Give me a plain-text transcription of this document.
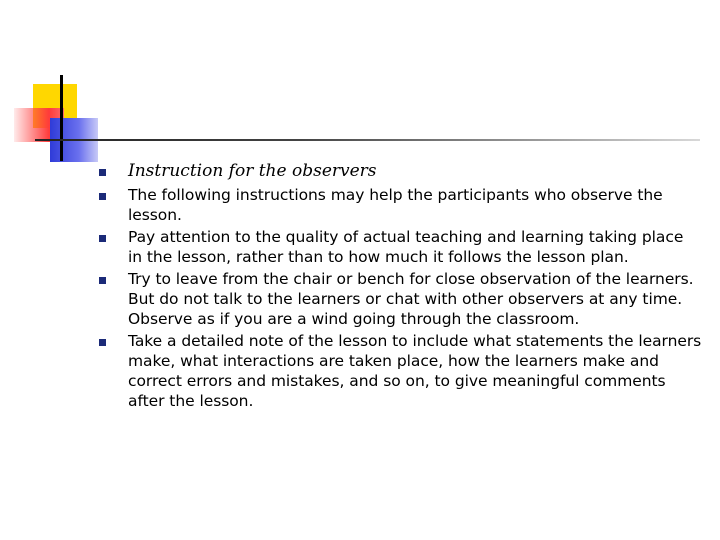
Instruction for the observers
The following instructions may help the participants who observe the lesson.
Pay attention to the quality of actual teaching and learning taking place in the lesson, rather than to how much it follows the lesson plan.
Try to leave from the chair or bench for close observation of the learners. But do not talk to the learners or chat with other observers at any time. Observe as if you are a wind going through the classroom.
Take a detailed note of the lesson to include what statements the learners make, what interactions are taken place, how the learners make and correct errors and mistakes, and so on, to give meaningful comments after the lesson.
